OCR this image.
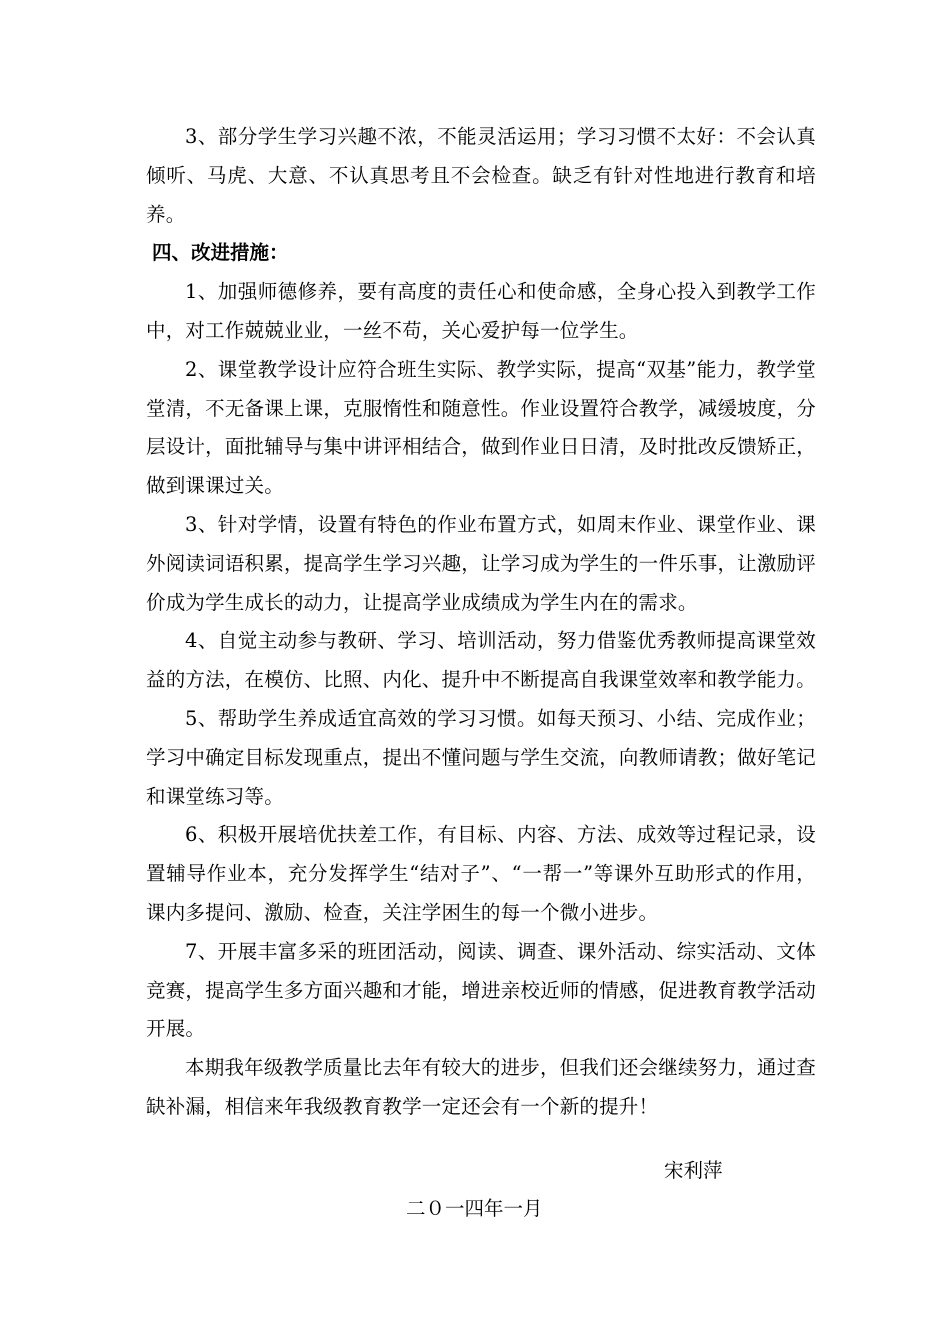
3、部分学生学习兴趣不浓，不能灵活运用；学习习惯不太好：不会认真倾听、马虎、大意、不认真思考且不会检查。缺乏有针对性地进行教育和培养。

四、改进措施：

1、加强师德修养，要有高度的责任心和使命感，全身心投入到教学工作中，对工作兢兢业业，一丝不苟，关心爱护每一位学生。

2、课堂教学设计应符合班生实际、教学实际，提高“双基”能力，教学堂堂清，不无备课上课，克服惰性和随意性。作业设置符合教学，减缓坡度，分层设计，面批辅导与集中讲评相结合，做到作业日日清，及时批改反馈矫正，做到课课过关。

3、针对学情，设置有特色的作业布置方式，如周末作业、课堂作业、课外阅读词语积累，提高学生学习兴趣，让学习成为学生的一件乐事，让激励评价成为学生成长的动力，让提高学业成绩成为学生内在的需求。

4、自觉主动参与教研、学习、培训活动，努力借鉴优秀教师提高课堂效益的方法，在模仿、比照、内化、提升中不断提高自我课堂效率和教学能力。

5、帮助学生养成适宜高效的学习习惯。如每天预习、小结、完成作业；学习中确定目标发现重点，提出不懂问题与学生交流，向教师请教；做好笔记和课堂练习等。

6、积极开展培优扶差工作，有目标、内容、方法、成效等过程记录，设置辅导作业本，充分发挥学生“结对子”、“一帮一”等课外互助形式的作用，课内多提问、激励、检查，关注学困生的每一个微小进步。

7、开展丰富多采的班团活动，阅读、调查、课外活动、综实活动、文体竞赛，提高学生多方面兴趣和才能，增进亲校近师的情感，促进教育教学活动开展。

本期我年级教学质量比去年有较大的进步，但我们还会继续努力，通过查缺补漏，相信来年我级教育教学一定还会有一个新的提升！

宋利萍
二０一四年一月
